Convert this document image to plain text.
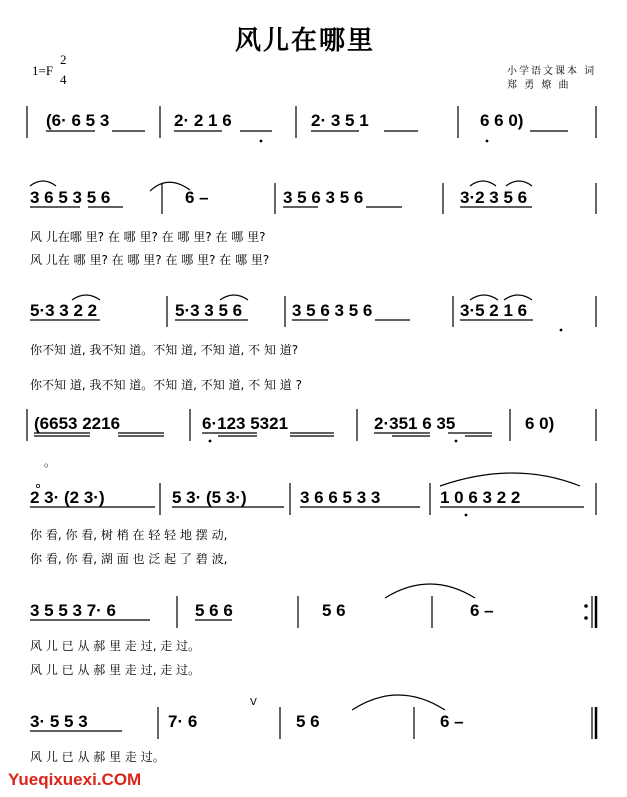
风儿在哪里
1=F
2
4
小学语文课本 词
郑 勇 燎 曲
(6· 6 5 3	2· 2 1 6	2· 3 5 1	6 6 0)
3 6 5 3 5 6	6 –	3 5 6 3 5 6	3·2 3 5 6
风 儿在哪 里? 在 哪 里? 在 哪 里? 在 哪 里?
风 儿在 哪 里? 在 哪 里? 在 哪 里? 在 哪 里?
5·3 3 2 2	5·3 3 5 6	3 5 6 3 5 6	3·5 2 1 6
你不知 道, 我不知 道。不知 道, 不知 道, 不 知 道?
你不知 道, 我不知 道。不知 道, 不知 道, 不 知 道 ?
(6653 2216	6·123 5321	2·351 6 35	6 0)
。
2 3· (2 3·)	5 3· (5 3·)	3 6 6 5 3 3	1 0 6 3 2 2
你 看, 你 看, 树 梢 在 轻 轻 地 摆 动,
你 看, 你 看, 湖 面 也 泛 起 了 碧 波,
3 5 5 3 7· 6	5 6 6	5 6	6 –
风 儿 已 从 郝 里 走 过, 走 过。
风 儿 已 从 郝 里 走 过, 走 过。
3· 5 5 3	7· 6	5 6	6 –
V
风 儿 已 从 郝 里 走 过。
Yueqixuexi.COM
